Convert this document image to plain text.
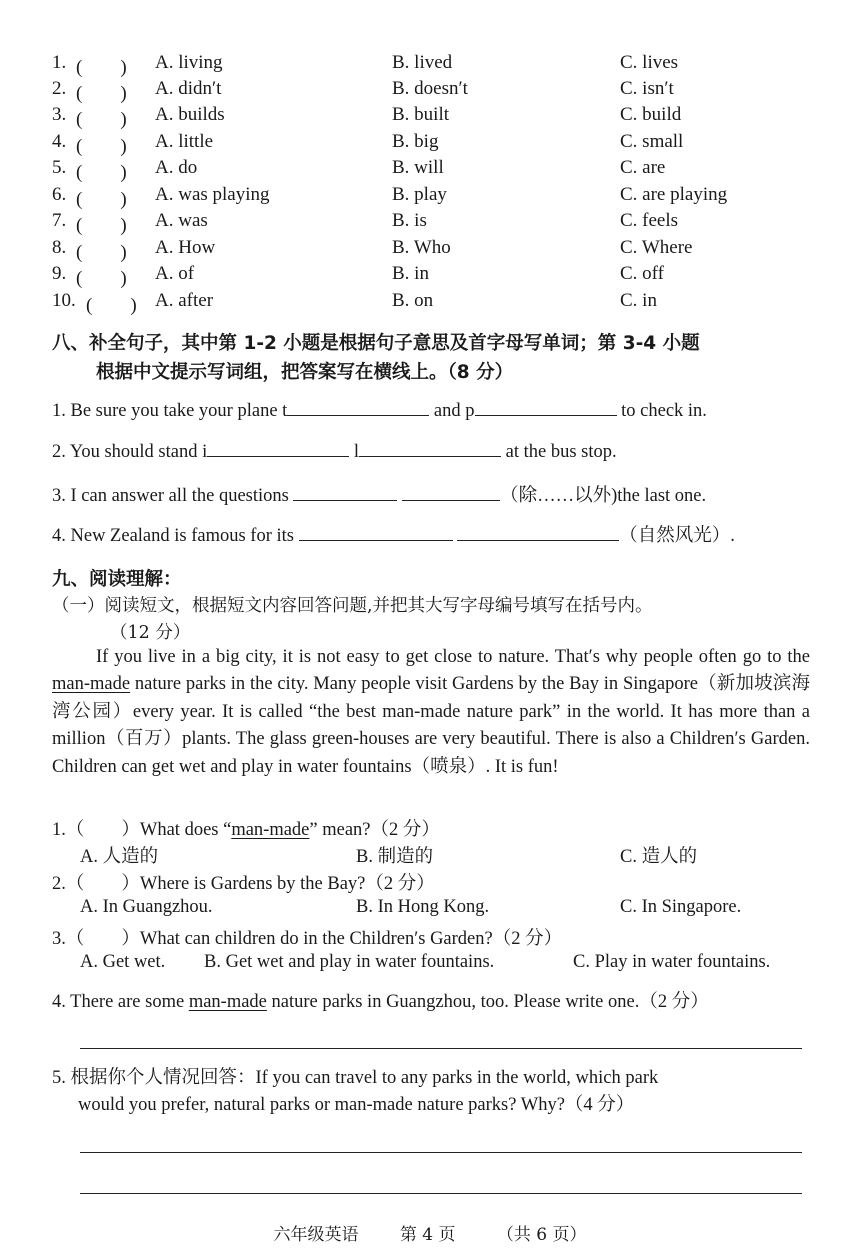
1. (　　) A. living	B. lived	C. lives
2. (　　) A. didn′t	B. doesn′t	C. isn′t
3. (　　) A. builds	B. built	C. build
4. (　　) A. little	B. big	C. small
5. (　　) A. do	B. will	C. are
6. (　　) A. was playing	B. play	C. are playing
7. (　　) A. was	B. is	C. feels
8. (　　) A. How	B. Who	C. Where
9. (　　) A. of	B. in	C. off
10. (　　) A. after	B. on	C. in
八、补全句子，其中第 1-2 小题是根据句子意思及首字母写单词；第 3-4 小题
根据中文提示写词组，把答案写在横线上。（8 分）
1. Be sure you take your plane t	and p	to check in.
2. You should stand i	l	at the bus stop.
3. I can answer all the questions	（除……以外)the last one.
4. New Zealand is famous for its	（自然风光）.
九、阅读理解：
（一）阅读短文，根据短文内容回答问题,并把其大写字母编号填写在括号内。
（12 分）

If you live in a big city, it is not easy to get close to nature. That′s why people often go to the man-made nature parks in the city. Many people visit Gardens by the Bay in Singapore（新加坡滨海湾公园）every year. It is called “the best man-made nature park” in the world. It has more than a million（百万）plants. The glass green-houses are very beautiful. There is also a Children′s Garden. Children can get wet and play in water fountains（喷泉）. It is fun!

1.（　　）What does “man-made” mean?（2 分）
A. 人造的	B. 制造的	C. 造人的
2.（　　）Where is Gardens by the Bay?（2 分）
A. In Guangzhou.	B. In Hong Kong.	C. In Singapore.
3.（　　）What can children do in the Children′s Garden?（2 分）
A. Get wet. B. Get wet and play in water fountains.	C. Play in water fountains.
4. There are some man-made nature parks in Guangzhou, too. Please write one.（2 分）
5. 根据你个人情况回答：If you can travel to any parks in the world, which park
would you prefer, natural parks or man-made nature parks? Why?（4 分）
六年级英语 第 4 页 （共 6 页）
